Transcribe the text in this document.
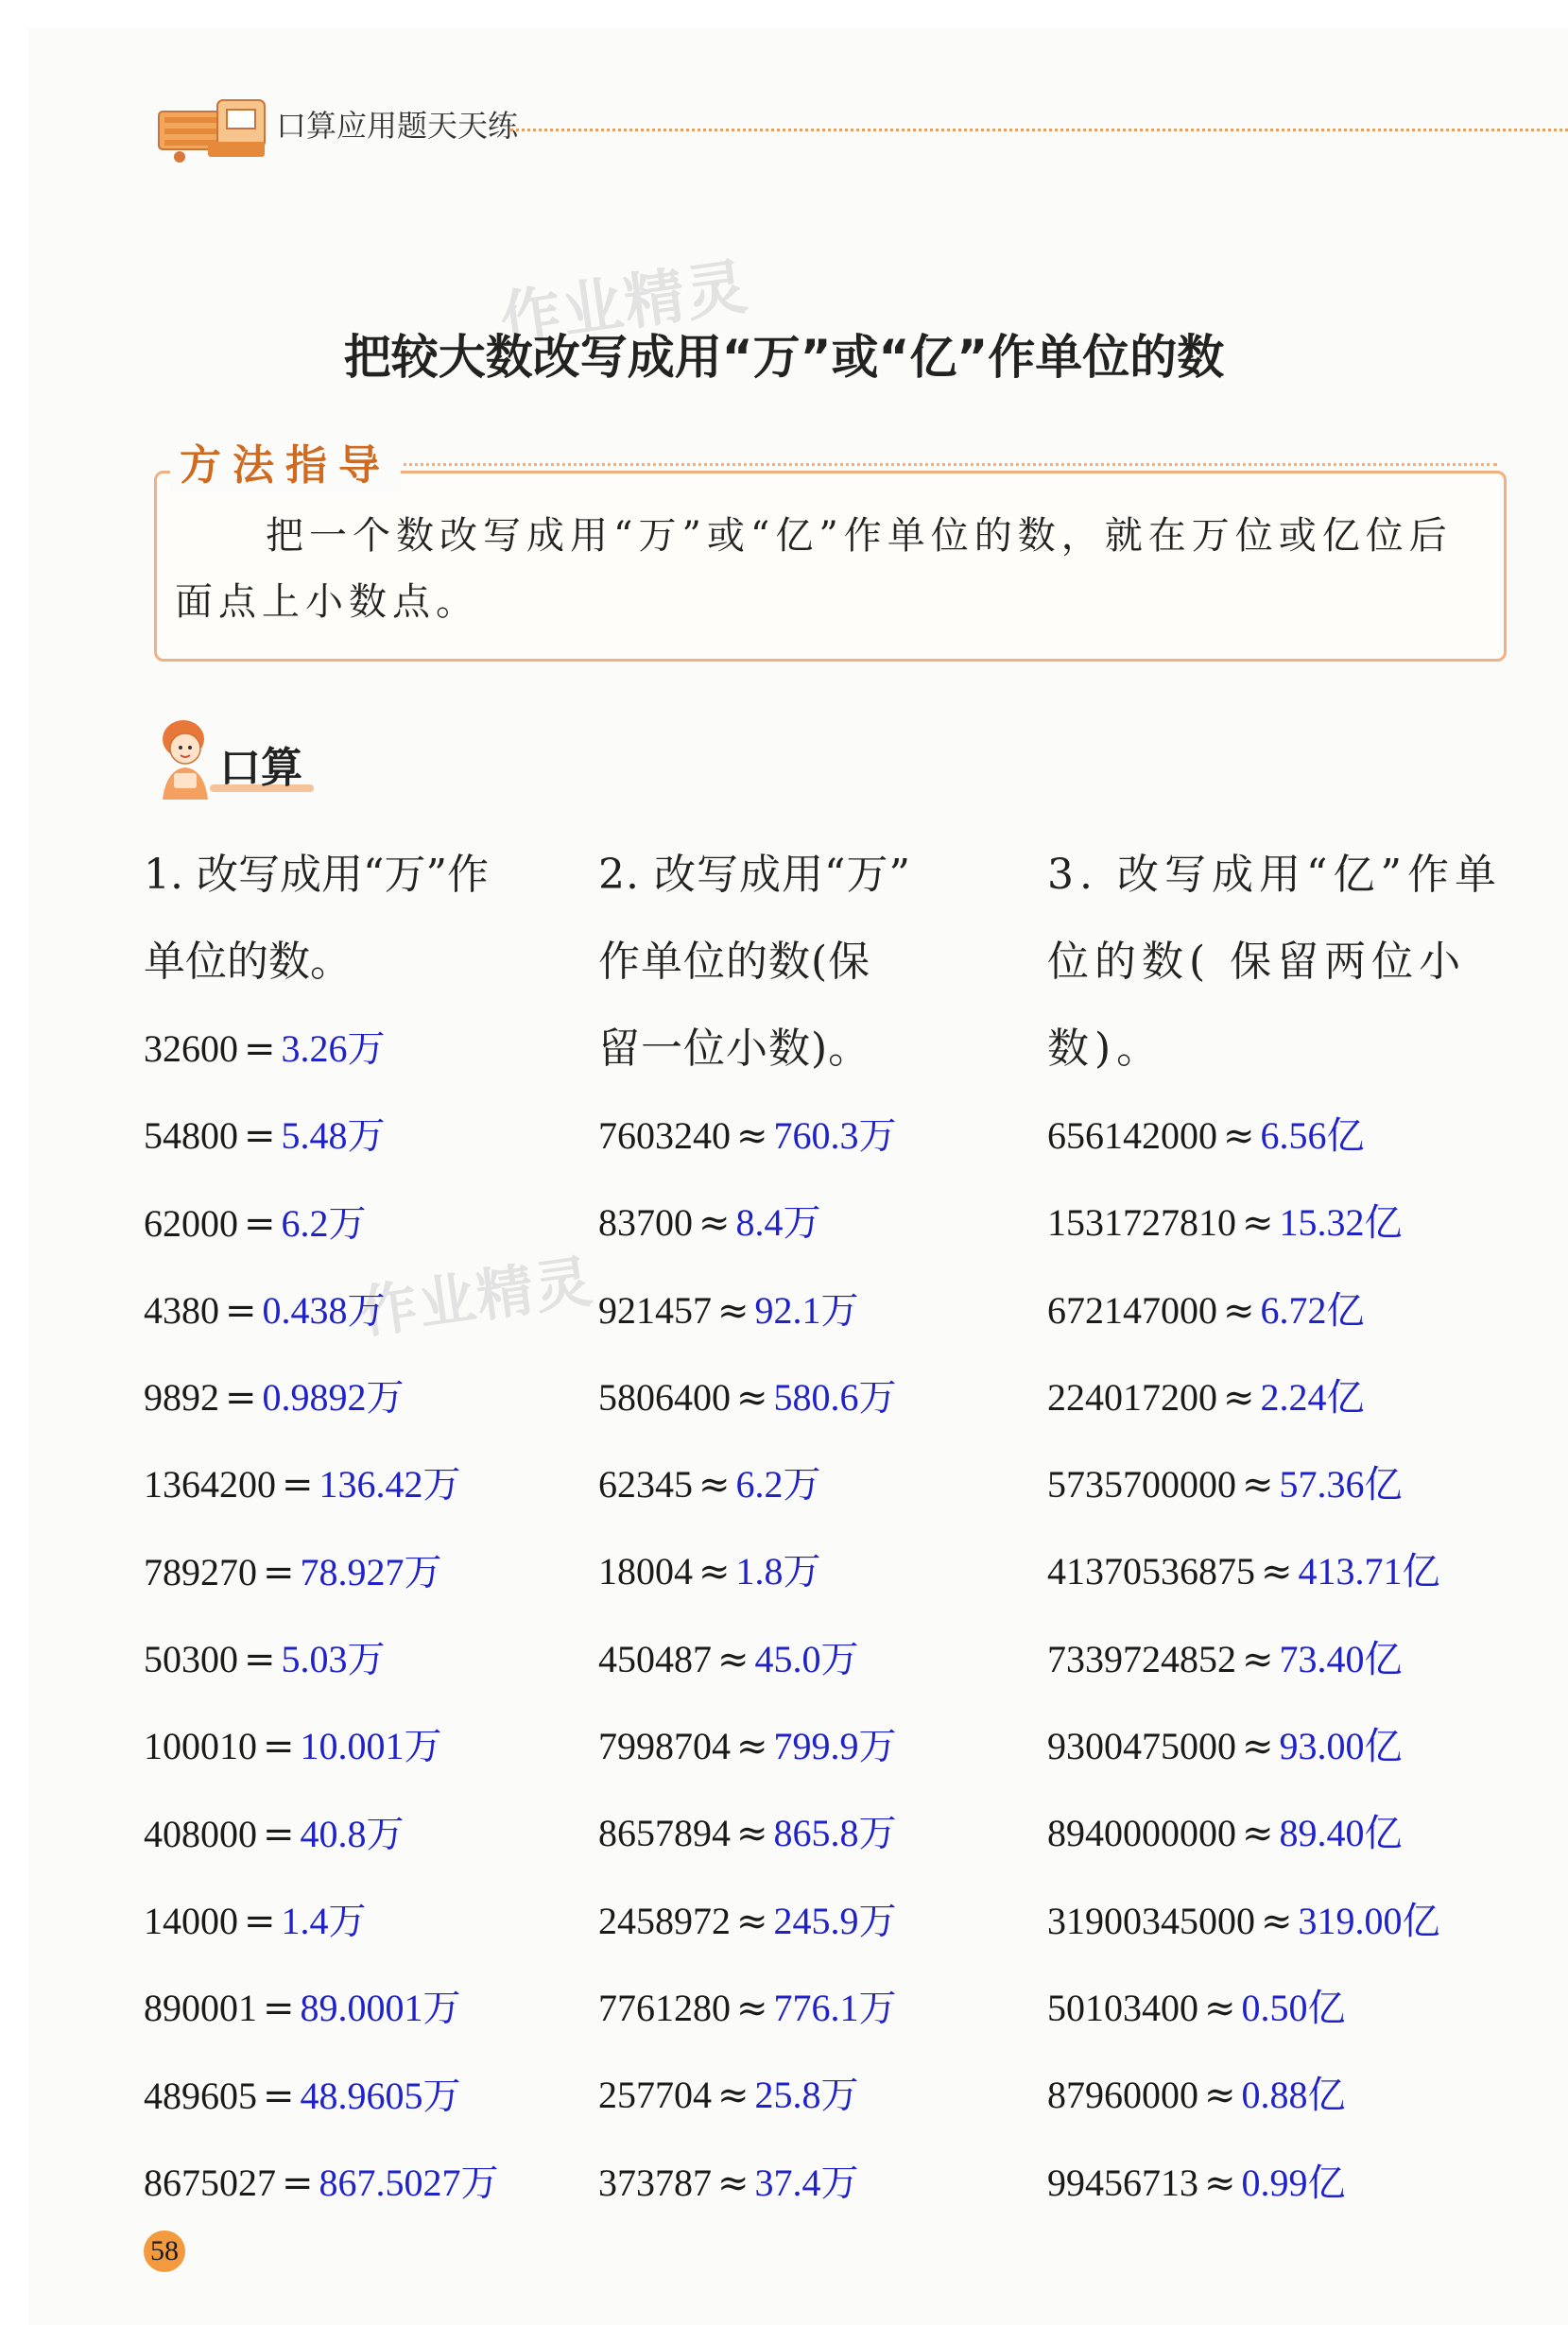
口算应用题天天练
作业精灵
作业精灵
把较大数改写成用“万”或“亿”作单位的数
方法指导
把一个数改写成用“万”或“亿”作单位的数，就在万位或亿位后面点上小数点。
口算

1. 改写成用“万”作

单位的数。

32600 = 3.26万
54800 = 5.48万
62000 = 6.2万
4380 = 0.438万
9892 = 0.9892万
1364200 = 136.42万
789270 = 78.927万
50300 = 5.03万
100010 = 10.001万
408000 = 40.8万
14000 = 1.4万
890001 = 89.0001万
489605 = 48.9605万
8675027 = 867.5027万

2. 改写成用“万”

作单位的数(保

留一位小数)。

7603240 ≈ 760.3万
83700 ≈ 8.4万
921457 ≈ 92.1万
5806400 ≈ 580.6万
62345 ≈ 6.2万
18004 ≈ 1.8万
450487 ≈ 45.0万
7998704 ≈ 799.9万
8657894 ≈ 865.8万
2458972 ≈ 245.9万
7761280 ≈ 776.1万
257704 ≈ 25.8万
373787 ≈ 37.4万

3. 改写成用“亿”作单

位的数( 保留两位小

数)。

656142000 ≈ 6.56亿
1531727810 ≈ 15.32亿
672147000 ≈ 6.72亿
224017200 ≈ 2.24亿
5735700000 ≈ 57.36亿
41370536875 ≈ 413.71亿
7339724852 ≈ 73.40亿
9300475000 ≈ 93.00亿
8940000000 ≈ 89.40亿
31900345000 ≈ 319.00亿
50103400 ≈ 0.50亿
87960000 ≈ 0.88亿
99456713 ≈ 0.99亿
58
